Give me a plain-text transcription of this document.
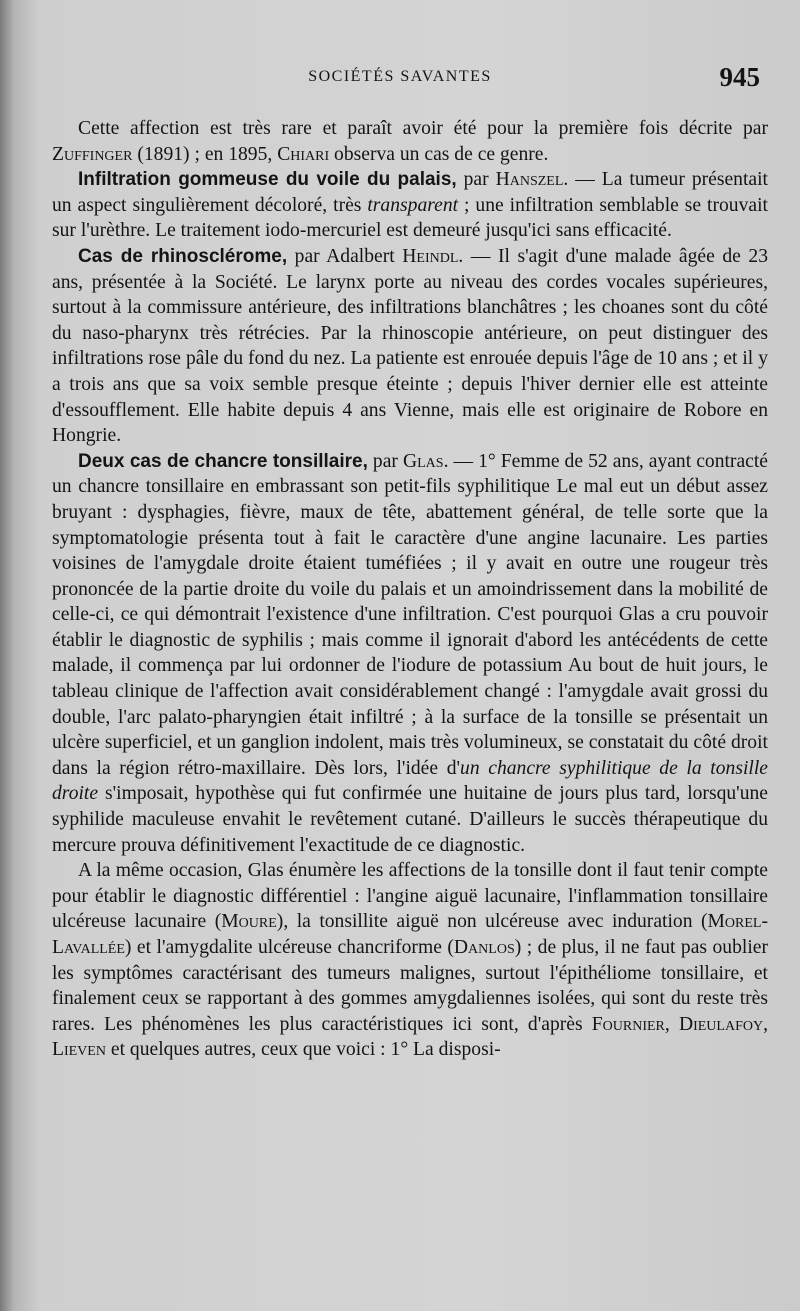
SOCIÉTÉS SAVANTES	945

Cette affection est très rare et paraît avoir été pour la première fois décrite par Zuffinger (1891) ; en 1895, Chiari observa un cas de ce genre.

Infiltration gommeuse du voile du palais, par Hanszel. — La tumeur présentait un aspect singulièrement décoloré, très transparent ; une infiltration semblable se trouvait sur l'urèthre. Le traitement iodo-mercuriel est demeuré jusqu'ici sans efficacité.

Cas de rhinosclérome, par Adalbert Heindl. — Il s'agit d'une malade âgée de 23 ans, présentée à la Société. Le larynx porte au niveau des cordes vocales supérieures, surtout à la commissure antérieure, des infiltrations blanchâtres ; les choanes sont du côté du naso-pharynx très rétrécies. Par la rhinoscopie antérieure, on peut distinguer des infiltrations rose pâle du fond du nez. La patiente est enrouée depuis l'âge de 10 ans ; et il y a trois ans que sa voix semble presque éteinte ; depuis l'hiver dernier elle est atteinte d'essoufflement. Elle habite depuis 4 ans Vienne, mais elle est originaire de Robore en Hongrie.

Deux cas de chancre tonsillaire, par Glas. — 1° Femme de 52 ans, ayant contracté un chancre tonsillaire en embrassant son petit-fils syphilitique Le mal eut un début assez bruyant : dysphagies, fièvre, maux de tête, abattement général, de telle sorte que la symptomatologie présenta tout à fait le caractère d'une angine lacunaire. Les parties voisines de l'amygdale droite étaient tuméfiées ; il y avait en outre une rougeur très prononcée de la partie droite du voile du palais et un amoindrissement dans la mobilité de celle-ci, ce qui démontrait l'existence d'une infiltration. C'est pourquoi Glas a cru pouvoir établir le diagnostic de syphilis ; mais comme il ignorait d'abord les antécédents de cette malade, il commença par lui ordonner de l'iodure de potassium Au bout de huit jours, le tableau clinique de l'affection avait considérablement changé : l'amygdale avait grossi du double, l'arc palato-pharyngien était infiltré ; à la surface de la tonsille se présentait un ulcère superficiel, et un ganglion indolent, mais très volumineux, se constatait du côté droit dans la région rétro-maxillaire. Dès lors, l'idée d'un chancre syphilitique de la tonsille droite s'imposait, hypothèse qui fut confirmée une huitaine de jours plus tard, lorsqu'une syphilide maculeuse envahit le revêtement cutané. D'ailleurs le succès thérapeutique du mercure prouva définitivement l'exactitude de ce diagnostic.

A la même occasion, Glas énumère les affections de la tonsille dont il faut tenir compte pour établir le diagnostic différentiel : l'angine aiguë lacunaire, l'inflammation tonsillaire ulcéreuse lacunaire (Moure), la tonsillite aiguë non ulcéreuse avec induration (Morel-Lavallée) et l'amygdalite ulcéreuse chancriforme (Danlos) ; de plus, il ne faut pas oublier les symptômes caractérisant des tumeurs malignes, surtout l'épithéliome tonsillaire, et finalement ceux se rapportant à des gommes amygdaliennes isolées, qui sont du reste très rares. Les phénomènes les plus caractéristiques ici sont, d'après Fournier, Dieulafoy, Lieven et quelques autres, ceux que voici : 1° La disposi-
